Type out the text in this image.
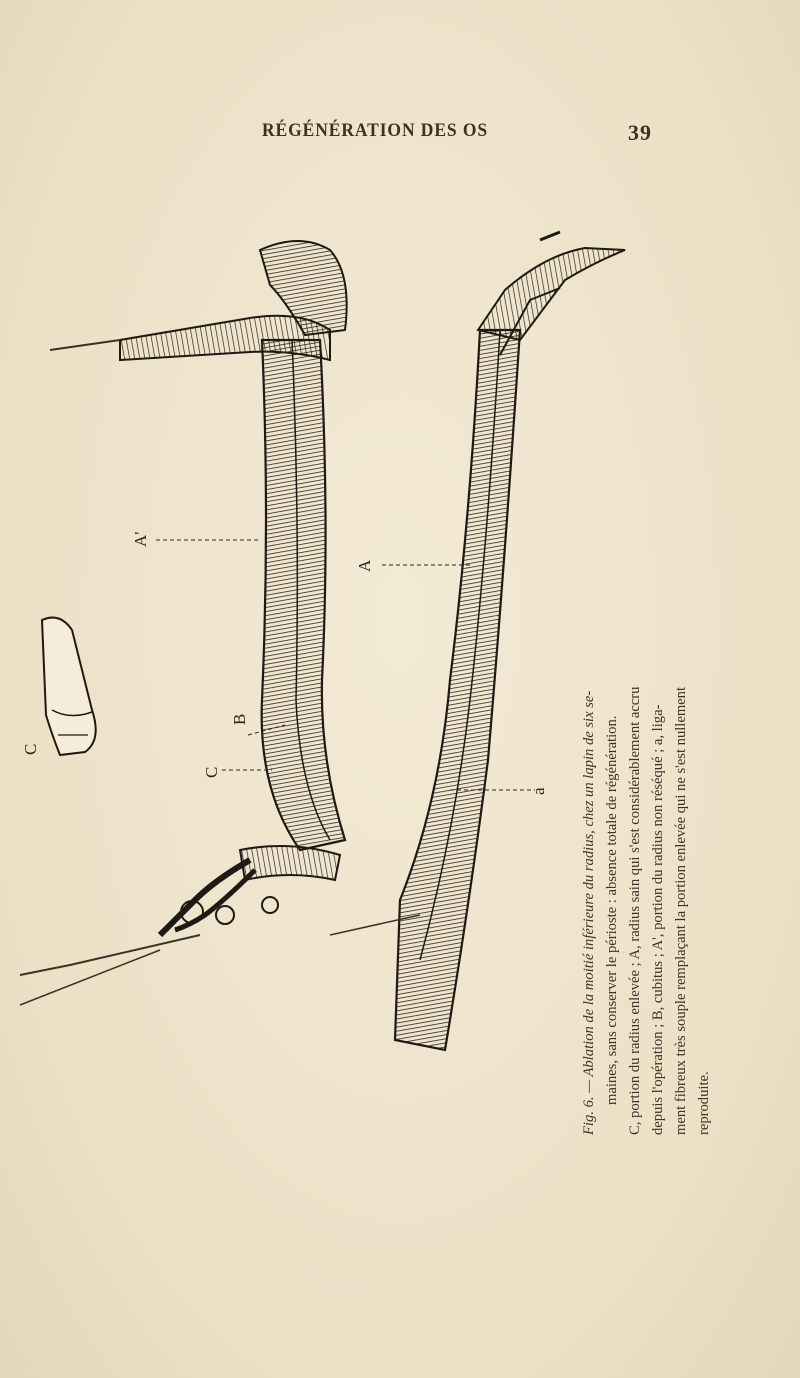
RÉGÉNÉRATION DES OS	39
A'
A
B
C
a
C	Fig. 6. — Ablation de la moitié inférieure du radius, chez un lapin de six se- maines, sans conserver le périoste : absence totale de régénération. C, portion du radius enlevée ; A, radius sain qui s'est considérablement accru depuis l'opération ; B, cubitus ; A', portion du radius non réséqué ; a, liga- ment fibreux très souple remplaçant la portion enlevée qui ne s'est nullement reproduite.
